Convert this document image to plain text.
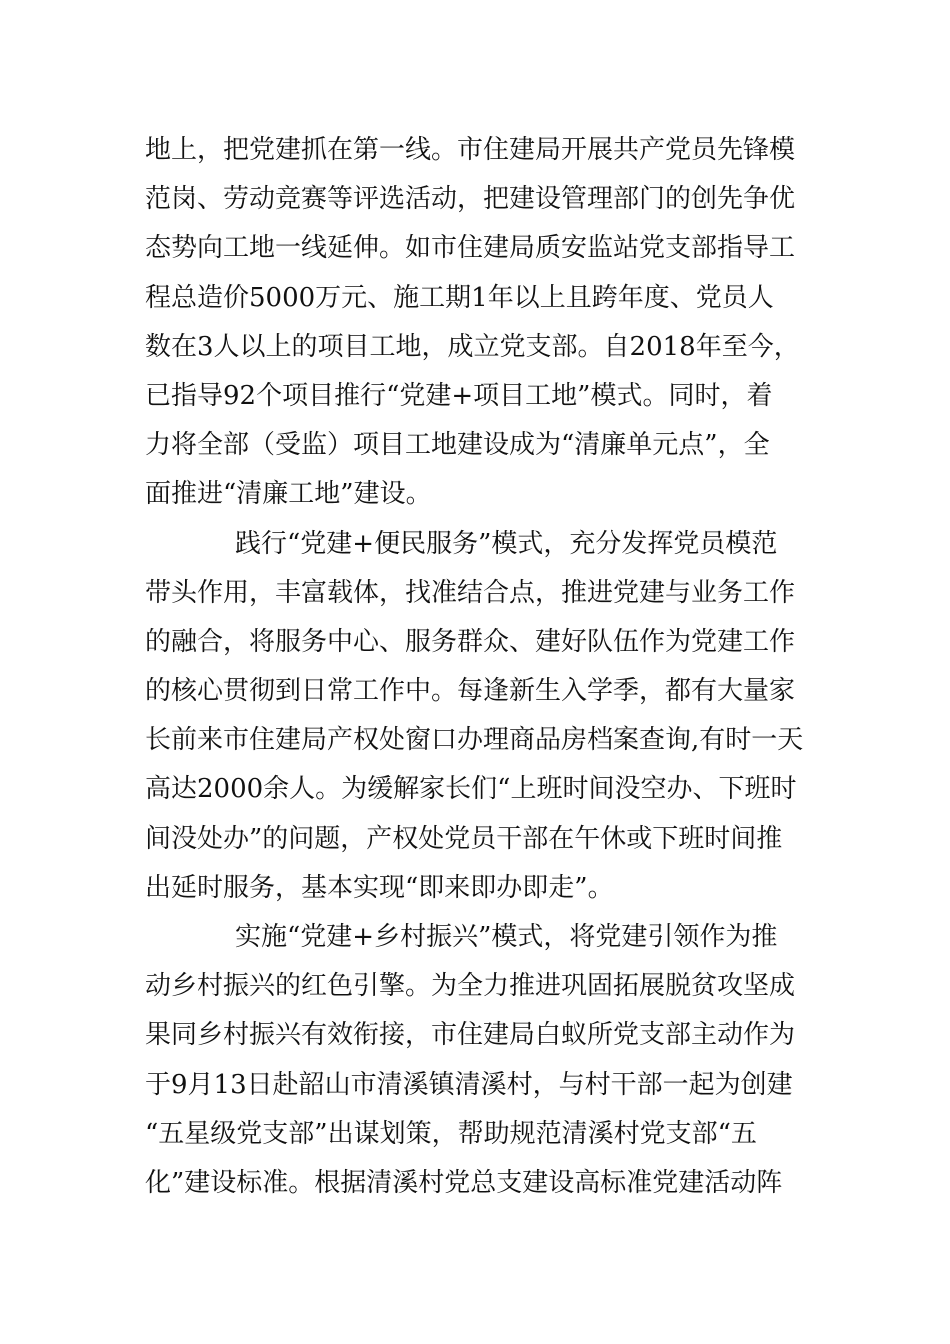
地上，把党建抓在第一线。市住建局开展共产党员先锋模
范岗、劳动竞赛等评选活动，把建设管理部门的创先争优
态势向工地一线延伸。如市住建局质安监站党支部指导工
程总造价5000万元、施工期1年以上且跨年度、党员人
数在3人以上的项目工地，成立党支部。自2018年至今，
已指导92个项目推行“党建+项目工地”模式。同时，着
力将全部（受监）项目工地建设成为“清廉单元点”，全
面推进“清廉工地”建设。
践行“党建+便民服务”模式，充分发挥党员模范
带头作用，丰富载体，找准结合点，推进党建与业务工作
的融合，将服务中心、服务群众、建好队伍作为党建工作
的核心贯彻到日常工作中。每逢新生入学季，都有大量家
长前来市住建局产权处窗口办理商品房档案查询,有时一天
高达2000余人。为缓解家长们“上班时间没空办、下班时
间没处办”的问题，产权处党员干部在午休或下班时间推
出延时服务，基本实现“即来即办即走”。
实施“党建+乡村振兴”模式，将党建引领作为推
动乡村振兴的红色引擎。为全力推进巩固拓展脱贫攻坚成
果同乡村振兴有效衔接，市住建局白蚁所党支部主动作为
于9月13日赴韶山市清溪镇清溪村，与村干部一起为创建
“五星级党支部”出谋划策，帮助规范清溪村党支部“五
化”建设标准。根据清溪村党总支建设高标准党建活动阵
